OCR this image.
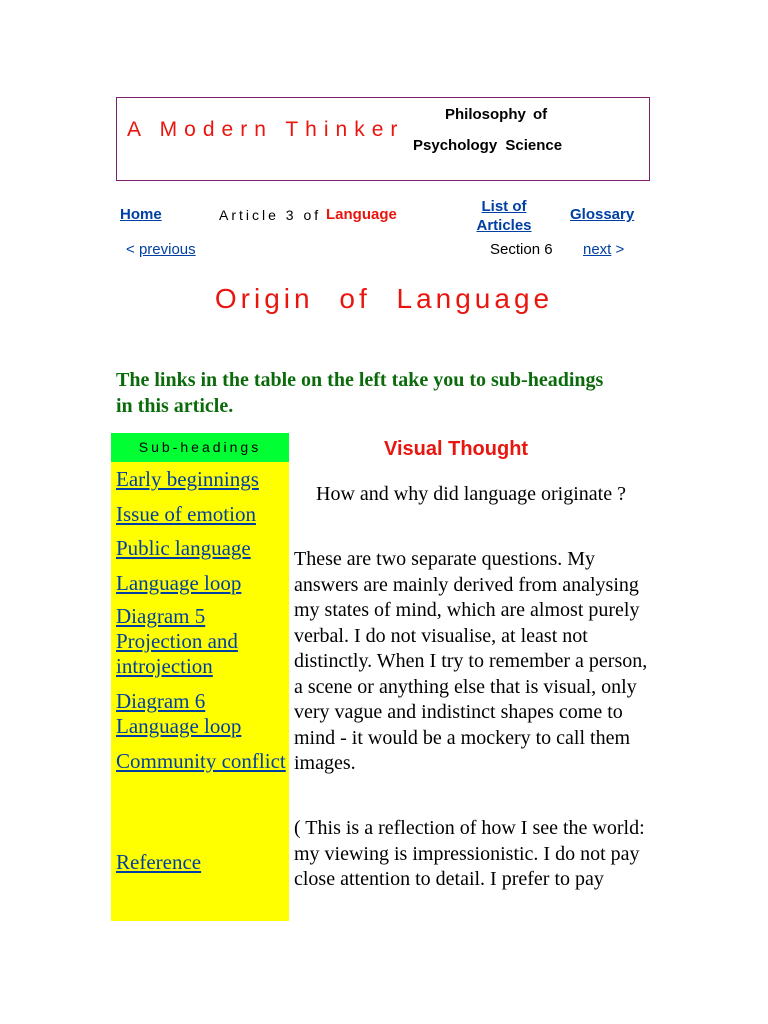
A Modern Thinker
Philosophy of
Psychology Science
Home	Article 3 of Language	List of
Articles
Glossary
< previous	Section 6 next >
Origin of Language
The links in the table on the left take you to sub-headings in this article.
Sub-headings
Early beginnings
Issue of emotion
Public language
Language loop
Diagram 5 Projection and introjection
Diagram 6 Language loop
Community conflict
Reference
Visual Thought
How and why did language originate ?
These are two separate questions. My answers are mainly derived from analysing my states of mind, which are almost purely verbal. I do not visualise, at least not distinctly. When I try to remember a person, a scene or anything else that is visual, only very vague and indistinct shapes come to mind - it would be a mockery to call them images.
( This is a reflection of how I see the world: my viewing is impressionistic. I do not pay close attention to detail. I prefer to pay
